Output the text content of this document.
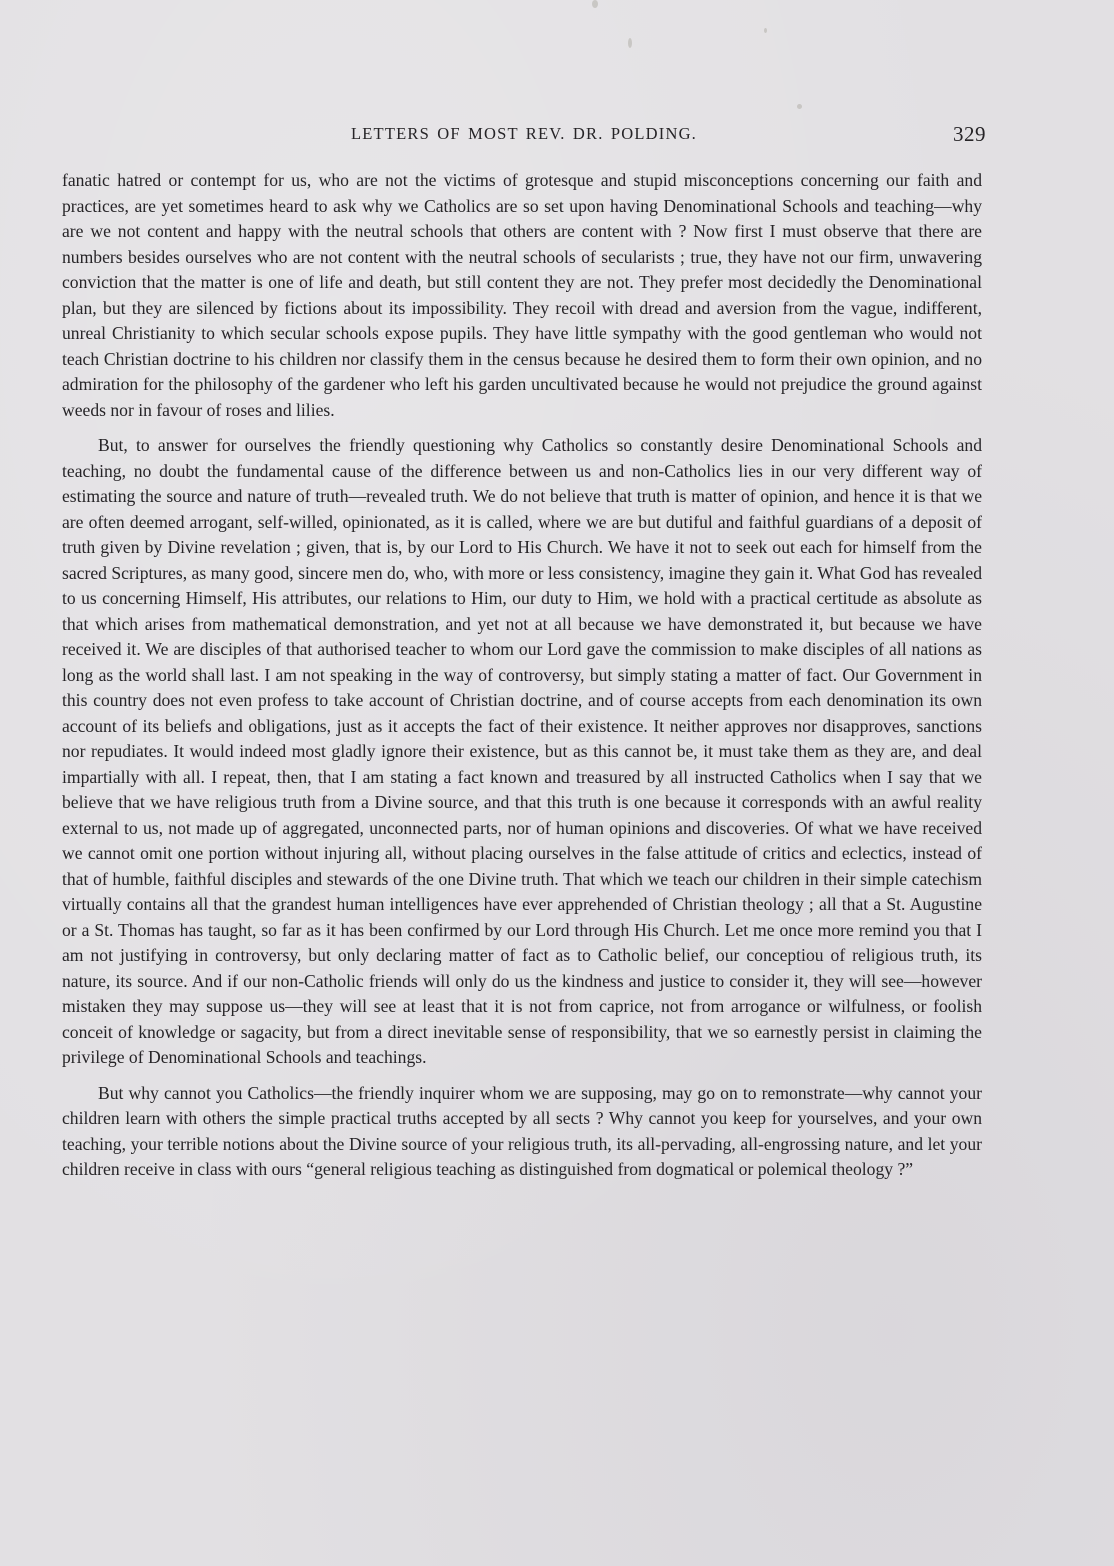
LETTERS OF MOST REV. DR. POLDING.	329

fanatic hatred or contempt for us, who are not the victims of grotesque and stupid misconceptions concerning our faith and practices, are yet sometimes heard to ask why we Catholics are so set upon having Denominational Schools and teaching—why are we not content and happy with the neutral schools that others are content with ? Now first I must observe that there are numbers besides ourselves who are not content with the neutral schools of secularists ; true, they have not our firm, unwavering conviction that the matter is one of life and death, but still content they are not. They prefer most decidedly the Denominational plan, but they are silenced by fictions about its impossibility. They recoil with dread and aversion from the vague, indifferent, unreal Christianity to which secular schools expose pupils. They have little sympathy with the good gentleman who would not teach Christian doctrine to his children nor classify them in the census because he desired them to form their own opinion, and no admiration for the philosophy of the gardener who left his garden uncultivated because he would not prejudice the ground against weeds nor in favour of roses and lilies.

But, to answer for ourselves the friendly questioning why Catholics so constantly desire Denominational Schools and teaching, no doubt the fundamental cause of the difference between us and non-Catholics lies in our very different way of estimating the source and nature of truth—revealed truth. We do not believe that truth is matter of opinion, and hence it is that we are often deemed arrogant, self-willed, opinionated, as it is called, where we are but dutiful and faithful guardians of a deposit of truth given by Divine revelation ; given, that is, by our Lord to His Church. We have it not to seek out each for himself from the sacred Scriptures, as many good, sincere men do, who, with more or less consistency, imagine they gain it. What God has revealed to us concerning Himself, His attributes, our relations to Him, our duty to Him, we hold with a practical certitude as absolute as that which arises from mathematical demonstration, and yet not at all because we have demonstrated it, but because we have received it. We are disciples of that authorised teacher to whom our Lord gave the commission to make disciples of all nations as long as the world shall last. I am not speaking in the way of controversy, but simply stating a matter of fact. Our Government in this country does not even profess to take account of Christian doctrine, and of course accepts from each denomination its own account of its beliefs and obligations, just as it accepts the fact of their existence. It neither approves nor disapproves, sanctions nor repudiates. It would indeed most gladly ignore their existence, but as this cannot be, it must take them as they are, and deal impartially with all. I repeat, then, that I am stating a fact known and treasured by all instructed Catholics when I say that we believe that we have religious truth from a Divine source, and that this truth is one because it corresponds with an awful reality external to us, not made up of aggregated, unconnected parts, nor of human opinions and discoveries. Of what we have received we cannot omit one portion without injuring all, without placing ourselves in the false attitude of critics and eclectics, instead of that of humble, faithful disciples and stewards of the one Divine truth. That which we teach our children in their simple catechism virtually contains all that the grandest human intelligences have ever apprehended of Christian theology ; all that a St. Augustine or a St. Thomas has taught, so far as it has been confirmed by our Lord through His Church. Let me once more remind you that I am not justifying in controversy, but only declaring matter of fact as to Catholic belief, our conceptiou of religious truth, its nature, its source. And if our non-Catholic friends will only do us the kindness and justice to consider it, they will see—however mistaken they may suppose us—they will see at least that it is not from caprice, not from arrogance or wilfulness, or foolish conceit of knowledge or sagacity, but from a direct inevitable sense of responsibility, that we so earnestly persist in claiming the privilege of Denominational Schools and teachings.

But why cannot you Catholics—the friendly inquirer whom we are supposing, may go on to remonstrate—why cannot your children learn with others the simple practical truths accepted by all sects ? Why cannot you keep for yourselves, and your own teaching, your terrible notions about the Divine source of your religious truth, its all-pervading, all-engrossing nature, and let your children receive in class with ours “general religious teaching as distinguished from dogmatical or polemical theology ?”
